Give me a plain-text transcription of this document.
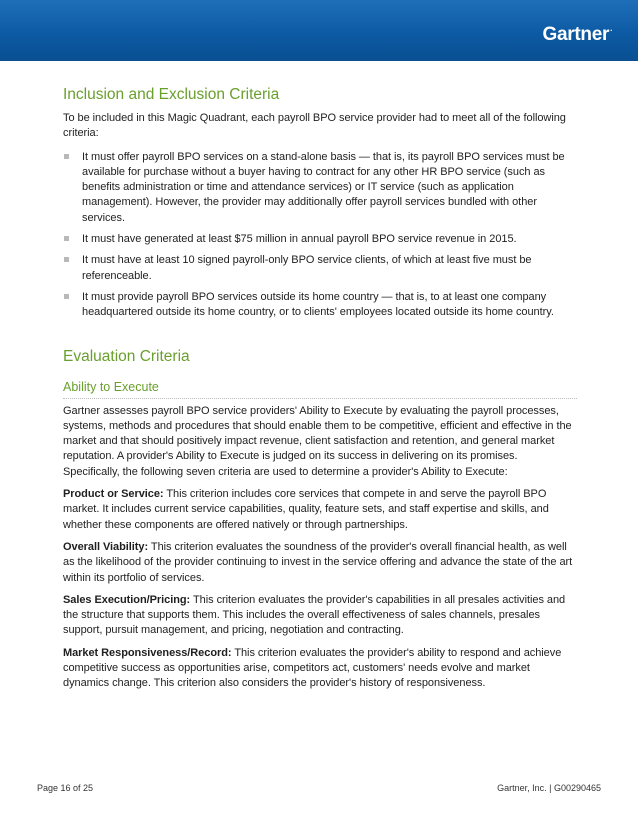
Gartner.
Inclusion and Exclusion Criteria

To be included in this Magic Quadrant, each payroll BPO service provider had to meet all of the following criteria:

It must offer payroll BPO services on a stand-alone basis — that is, its payroll BPO services must be available for purchase without a buyer having to contract for any other HR BPO service (such as benefits administration or time and attendance services) or IT service (such as application management). However, the provider may additionally offer payroll services bundled with other services.
It must have generated at least $75 million in annual payroll BPO service revenue in 2015.
It must have at least 10 signed payroll-only BPO service clients, of which at least five must be referenceable.
It must provide payroll BPO services outside its home country — that is, to at least one company headquartered outside its home country, or to clients' employees located outside its home country.
Evaluation Criteria
Ability to Execute

Gartner assesses payroll BPO service providers' Ability to Execute by evaluating the payroll processes, systems, methods and procedures that should enable them to be competitive, efficient and effective in the market and that should positively impact revenue, client satisfaction and retention, and general market reputation. A provider's Ability to Execute is judged on its success in delivering on its promises. Specifically, the following seven criteria are used to determine a provider's Ability to Execute:

Product or Service: This criterion includes core services that compete in and serve the payroll BPO market. It includes current service capabilities, quality, feature sets, and staff expertise and skills, and whether these components are offered natively or through partnerships.

Overall Viability: This criterion evaluates the soundness of the provider's overall financial health, as well as the likelihood of the provider continuing to invest in the service offering and advance the state of the art within its portfolio of services.

Sales Execution/Pricing: This criterion evaluates the provider's capabilities in all presales activities and the structure that supports them. This includes the overall effectiveness of sales channels, presales support, pursuit management, and pricing, negotiation and contracting.

Market Responsiveness/Record: This criterion evaluates the provider's ability to respond and achieve competitive success as opportunities arise, competitors act, customers' needs evolve and market dynamics change. This criterion also considers the provider's history of responsiveness.

Page 16 of 25	Gartner, Inc. | G00290465
